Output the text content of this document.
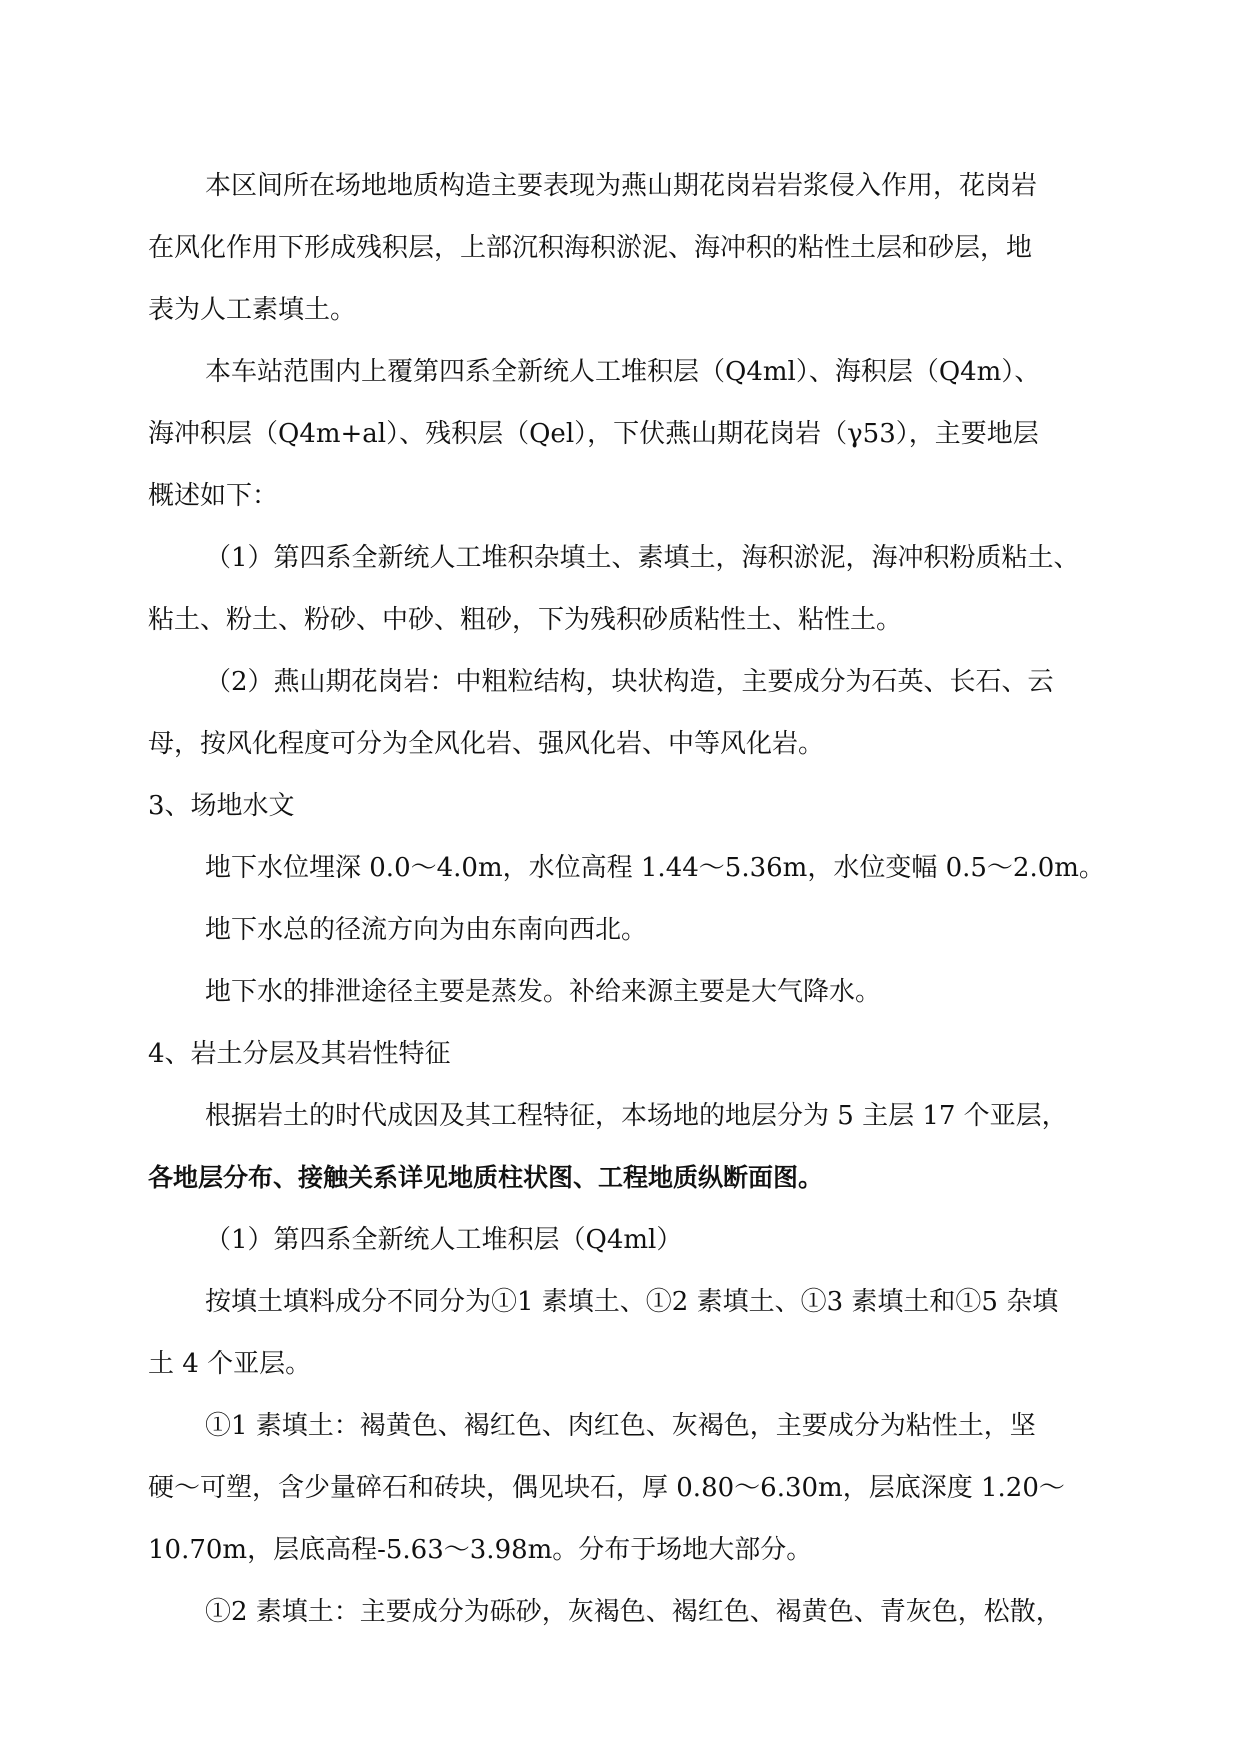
本区间所在场地地质构造主要表现为燕山期花岗岩岩浆侵入作用，花岗岩
在风化作用下形成残积层，上部沉积海积淤泥、海冲积的粘性土层和砂层，地
表为人工素填土。
本车站范围内上覆第四系全新统人工堆积层（Q4ml）、海积层（Q4m）、
海冲积层（Q4m+al）、残积层（Qel），下伏燕山期花岗岩（γ53），主要地层
概述如下：
（1）第四系全新统人工堆积杂填土、素填土，海积淤泥，海冲积粉质粘土、
粘土、粉土、粉砂、中砂、粗砂，下为残积砂质粘性土、粘性土。
（2）燕山期花岗岩：中粗粒结构，块状构造，主要成分为石英、长石、云
母，按风化程度可分为全风化岩、强风化岩、中等风化岩。
3、场地水文
地下水位埋深 0.0～4.0m，水位高程 1.44～5.36m，水位变幅 0.5～2.0m。
地下水总的径流方向为由东南向西北。
地下水的排泄途径主要是蒸发。补给来源主要是大气降水。
4、岩土分层及其岩性特征
根据岩土的时代成因及其工程特征，本场地的地层分为 5 主层 17 个亚层，
各地层分布、接触关系详见地质柱状图、工程地质纵断面图。
（1）第四系全新统人工堆积层（Q4ml）
按填土填料成分不同分为①1 素填土、①2 素填土、①3 素填土和①5 杂填
土 4 个亚层。
①1 素填土：褐黄色、褐红色、肉红色、灰褐色，主要成分为粘性土，坚
硬～可塑，含少量碎石和砖块，偶见块石，厚 0.80～6.30m，层底深度 1.20～
10.70m，层底高程-5.63～3.98m。分布于场地大部分。
①2 素填土：主要成分为砾砂，灰褐色、褐红色、褐黄色、青灰色，松散，
